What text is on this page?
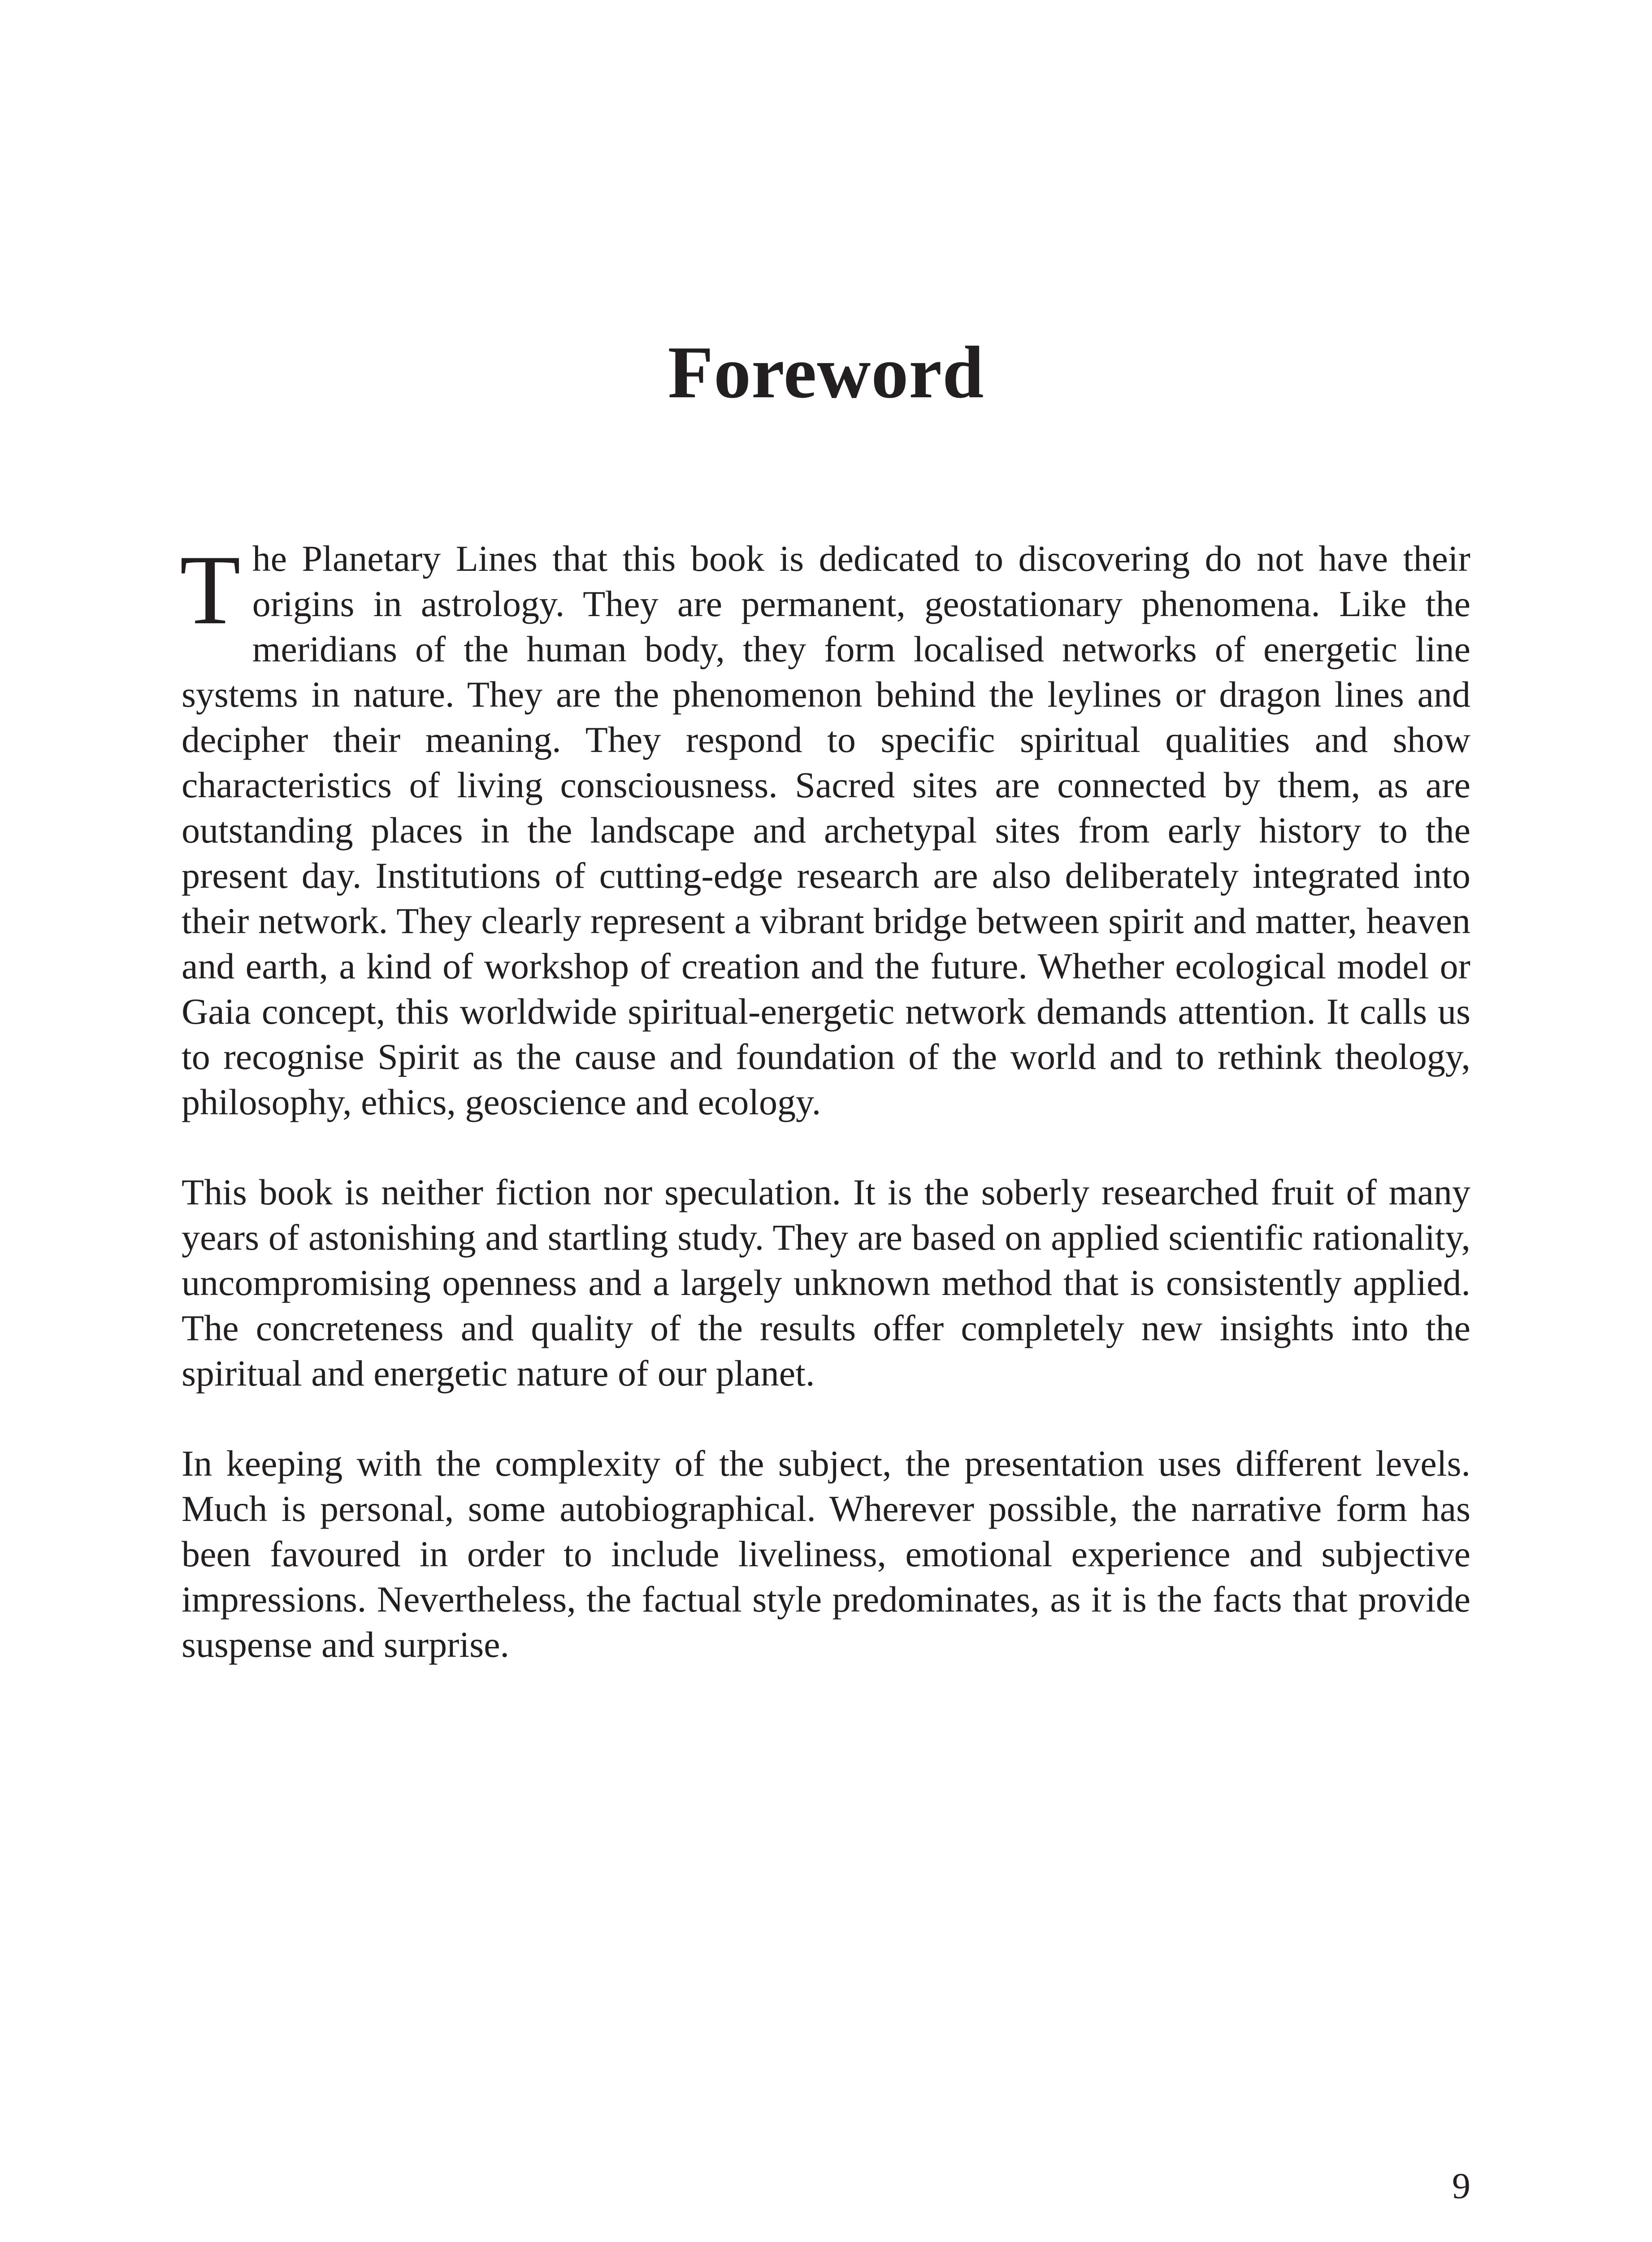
Foreword

The Planetary Lines that this book is dedicated to discovering do not have their origins in astrology. They are permanent, geostationary phenomena. Like the meridians of the human body, they form localised networks of energetic line systems in nature. They are the phenomenon behind the leylines or dragon lines and decipher their meaning. They respond to specific spiritual qualities and show characteristics of living consciousness. Sacred sites are connected by them, as are outstanding places in the landscape and archetypal sites from early history to the present day. Institutions of cutting-edge research are also deliberately integrated into their network. They clearly represent a vibrant bridge between spirit and matter, heaven and earth, a kind of workshop of creation and the future. Whether ecological model or Gaia concept, this worldwide spiritual-energetic network demands attention. It calls us to recognise Spirit as the cause and foundation of the world and to rethink theology, philosophy, ethics, geoscience and ecology.

This book is neither fiction nor speculation. It is the soberly researched fruit of many years of astonishing and startling study. They are based on applied scientific rationality, uncompromising openness and a largely unknown method that is consistently applied. The concreteness and quality of the results offer completely new insights into the spiritual and energetic nature of our planet.

In keeping with the complexity of the subject, the presentation uses different levels. Much is personal, some autobiographical. Wherever possible, the narrative form has been favoured in order to include liveliness, emotional experience and subjective impressions. Nevertheless, the factual style predominates, as it is the facts that provide suspense and surprise.

9
